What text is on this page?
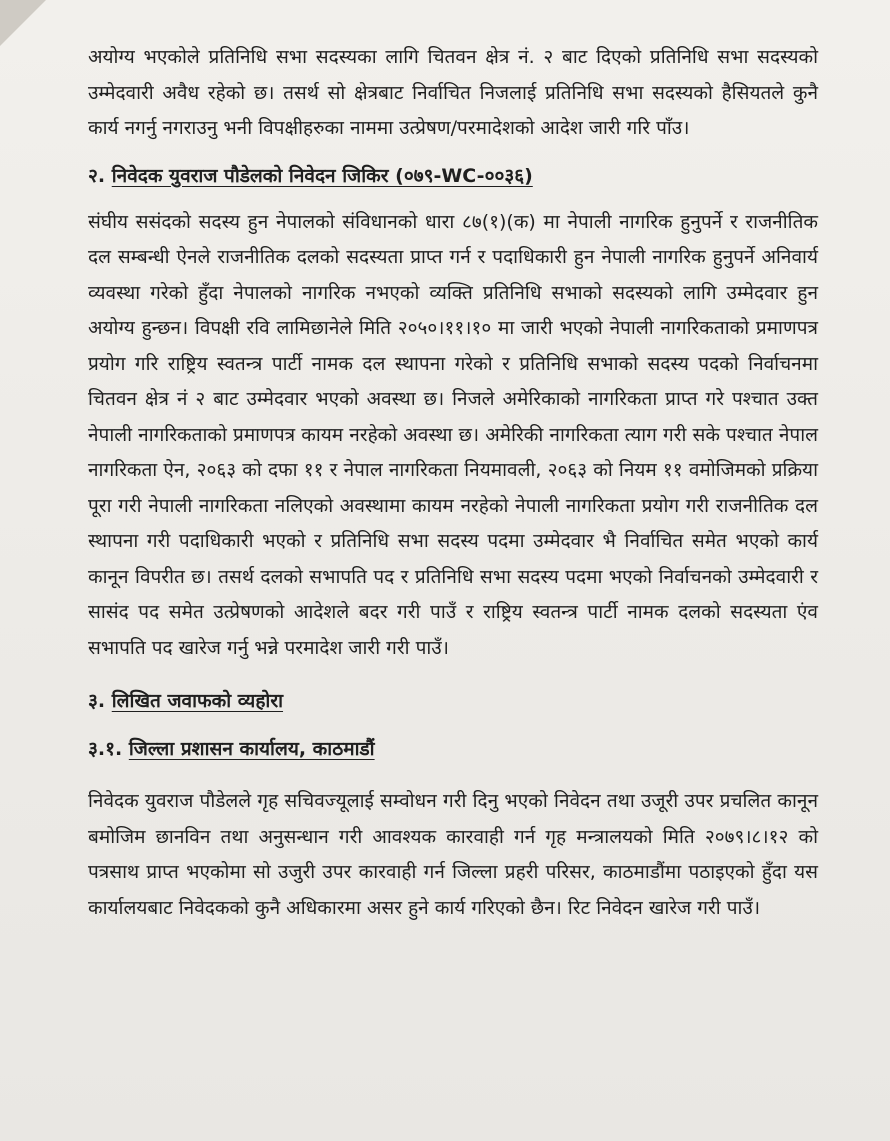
अयोग्य भएकोले प्रतिनिधि सभा सदस्यका लागि चितवन क्षेत्र नं. २ बाट दिएको प्रतिनिधि सभा सदस्यको उम्मेदवारी अवैध रहेको छ। तसर्थ सो क्षेत्रबाट निर्वाचित निजलाई प्रतिनिधि सभा सदस्यको हैसियतले कुनै कार्य नगर्नु नगराउनु भनी विपक्षीहरुका नाममा उत्प्रेषण/परमादेशको आदेश जारी गरि पाँउ।

२. निवेदक युवराज पौडेलको निवेदन जिकिर (०७९-WC-००३६)

संघीय ससंदको सदस्य हुन नेपालको संविधानको धारा ८७(१)(क) मा नेपाली नागरिक हुनुपर्ने र राजनीतिक दल सम्बन्धी ऐनले राजनीतिक दलको सदस्यता प्राप्त गर्न र पदाधिकारी हुन नेपाली नागरिक हुनुपर्ने अनिवार्य व्यवस्था गरेको हुँदा नेपालको नागरिक नभएको व्यक्ति प्रतिनिधि सभाको सदस्यको लागि उम्मेदवार हुन अयोग्य हुन्छन। विपक्षी रवि लामिछानेले मिति २०५०।११।१० मा जारी भएको नेपाली नागरिकताको प्रमाणपत्र प्रयोग गरि राष्ट्रिय स्वतन्त्र पार्टी नामक दल स्थापना गरेको र प्रतिनिधि सभाको सदस्य पदको निर्वाचनमा चितवन क्षेत्र नं २ बाट उम्मेदवार भएको अवस्था छ। निजले अमेरिकाको नागरिकता प्राप्त गरे पश्चात उक्त नेपाली नागरिकताको प्रमाणपत्र कायम नरहेको अवस्था छ। अमेरिकी नागरिकता त्याग गरी सके पश्चात नेपाल नागरिकता ऐन, २०६३ को दफा ११ र नेपाल नागरिकता नियमावली, २०६३ को नियम ११ वमोजिमको प्रक्रिया पूरा गरी नेपाली नागरिकता नलिएको अवस्थामा कायम नरहेको नेपाली नागरिकता प्रयोग गरी राजनीतिक दल स्थापना गरी पदाधिकारी भएको र प्रतिनिधि सभा सदस्य पदमा उम्मेदवार भै निर्वाचित समेत भएको कार्य कानून विपरीत छ। तसर्थ दलको सभापति पद र प्रतिनिधि सभा सदस्य पदमा भएको निर्वाचनको उम्मेदवारी र सासंद पद समेत उत्प्रेषणको आदेशले बदर गरी पाउँ र राष्ट्रिय स्वतन्त्र पार्टी नामक दलको सदस्यता एंव सभापति पद खारेज गर्नु भन्ने परमादेश जारी गरी पाउँ।

३. लिखित जवाफको व्यहोरा

३.१. जिल्ला प्रशासन कार्यालय, काठमाडौं

निवेदक युवराज पौडेलले गृह सचिवज्यूलाई सम्वोधन गरी दिनु भएको निवेदन तथा उजूरी उपर प्रचलित कानून बमोजिम छानविन तथा अनुसन्धान गरी आवश्यक कारवाही गर्न गृह मन्त्रालयको मिति २०७९।८।१२ को पत्रसाथ प्राप्त भएकोमा सो उजुरी उपर कारवाही गर्न जिल्ला प्रहरी परिसर, काठमाडौंमा पठाइएको हुँदा यस कार्यालयबाट निवेदकको कुनै अधिकारमा असर हुने कार्य गरिएको छैन। रिट निवेदन खारेज गरी पाउँ।
